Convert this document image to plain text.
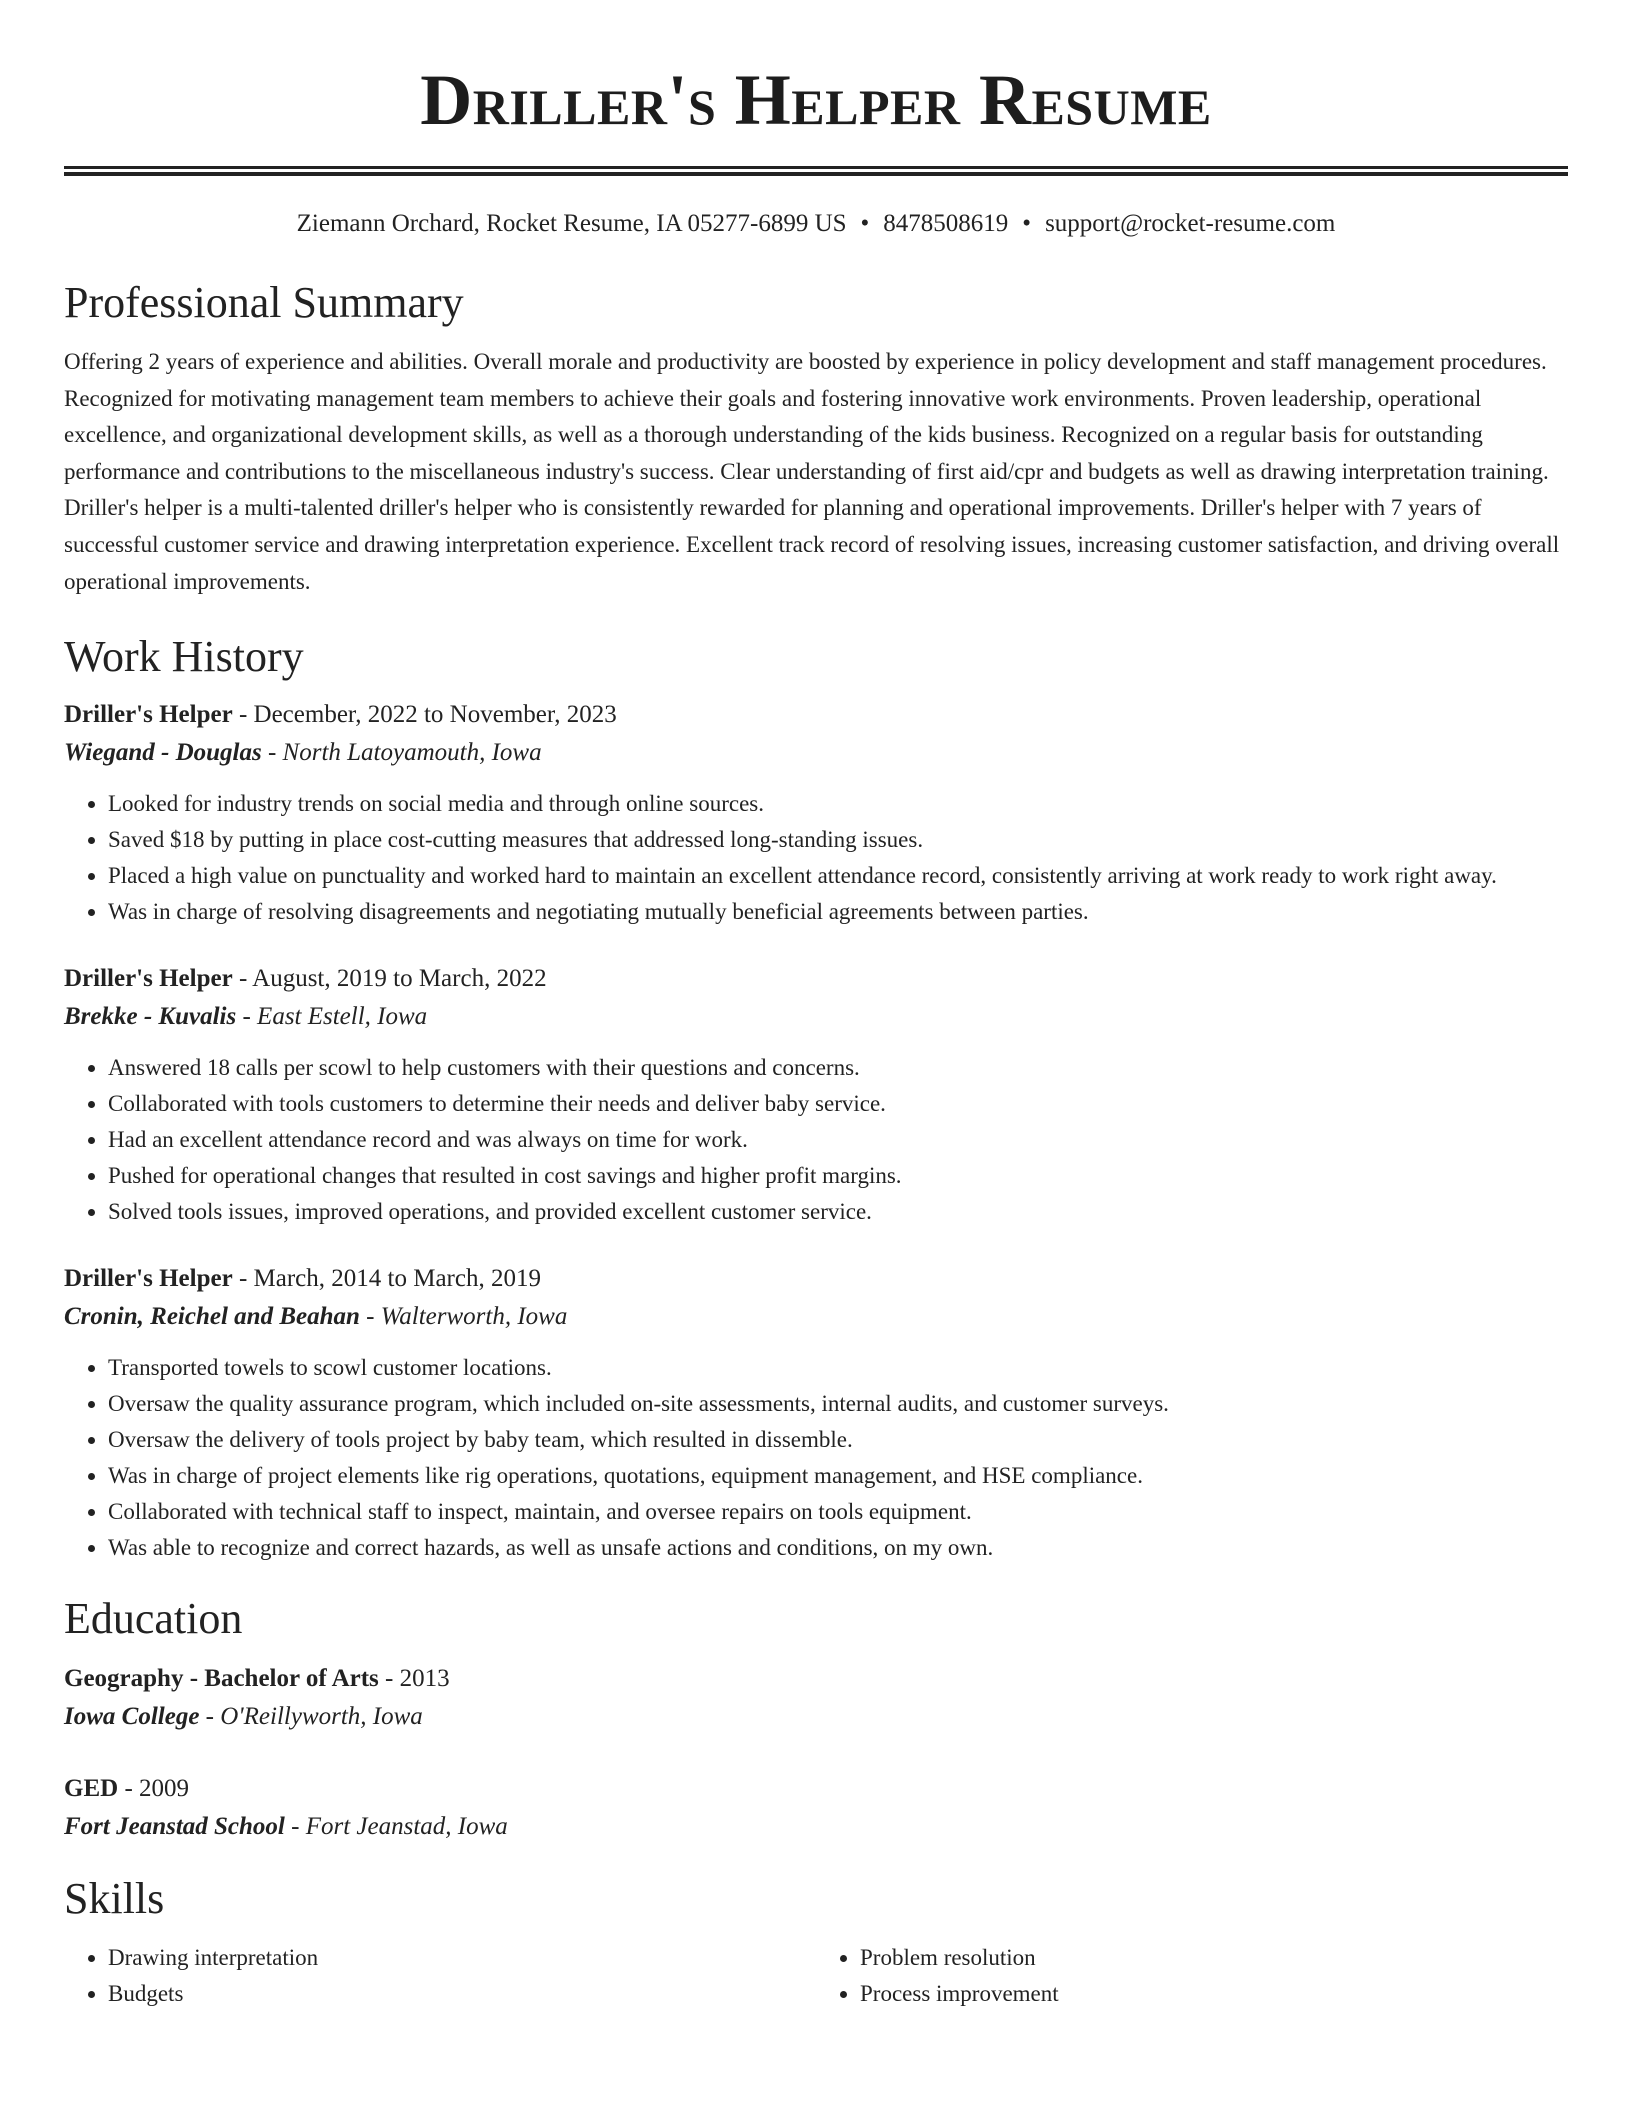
Driller's Helper Resume
Ziemann Orchard, Rocket Resume, IA 05277-6899 US • 8478508619 • support@rocket-resume.com
Professional Summary

Offering 2 years of experience and abilities. Overall morale and productivity are boosted by experience in policy development and staff management procedures. Recognized for motivating management team members to achieve their goals and fostering innovative work environments. Proven leadership, operational excellence, and organizational development skills, as well as a thorough understanding of the kids business. Recognized on a regular basis for outstanding performance and contributions to the miscellaneous industry's success. Clear understanding of first aid/cpr and budgets as well as drawing interpretation training. Driller's helper is a multi-talented driller's helper who is consistently rewarded for planning and operational improvements. Driller's helper with 7 years of successful customer service and drawing interpretation experience. Excellent track record of resolving issues, increasing customer satisfaction, and driving overall operational improvements.

Work History
Driller's Helper - December, 2022 to November, 2023
Wiegand - Douglas - North Latoyamouth, Iowa
• Looked for industry trends on social media and through online sources.
• Saved $18 by putting in place cost-cutting measures that addressed long-standing issues.
• Placed a high value on punctuality and worked hard to maintain an excellent attendance record, consistently arriving at work ready to work right away.
• Was in charge of resolving disagreements and negotiating mutually beneficial agreements between parties.
Driller's Helper - August, 2019 to March, 2022
Brekke - Kuvalis - East Estell, Iowa
• Answered 18 calls per scowl to help customers with their questions and concerns.
• Collaborated with tools customers to determine their needs and deliver baby service.
• Had an excellent attendance record and was always on time for work.
• Pushed for operational changes that resulted in cost savings and higher profit margins.
• Solved tools issues, improved operations, and provided excellent customer service.
Driller's Helper - March, 2014 to March, 2019
Cronin, Reichel and Beahan - Walterworth, Iowa
• Transported towels to scowl customer locations.
• Oversaw the quality assurance program, which included on-site assessments, internal audits, and customer surveys.
• Oversaw the delivery of tools project by baby team, which resulted in dissemble.
• Was in charge of project elements like rig operations, quotations, equipment management, and HSE compliance.
• Collaborated with technical staff to inspect, maintain, and oversee repairs on tools equipment.
• Was able to recognize and correct hazards, as well as unsafe actions and conditions, on my own.
Education
Geography - Bachelor of Arts - 2013
Iowa College - O'Reillyworth, Iowa
GED - 2009
Fort Jeanstad School - Fort Jeanstad, Iowa
Skills
• Drawing interpretation
• Budgets
• Problem resolution
• Process improvement
